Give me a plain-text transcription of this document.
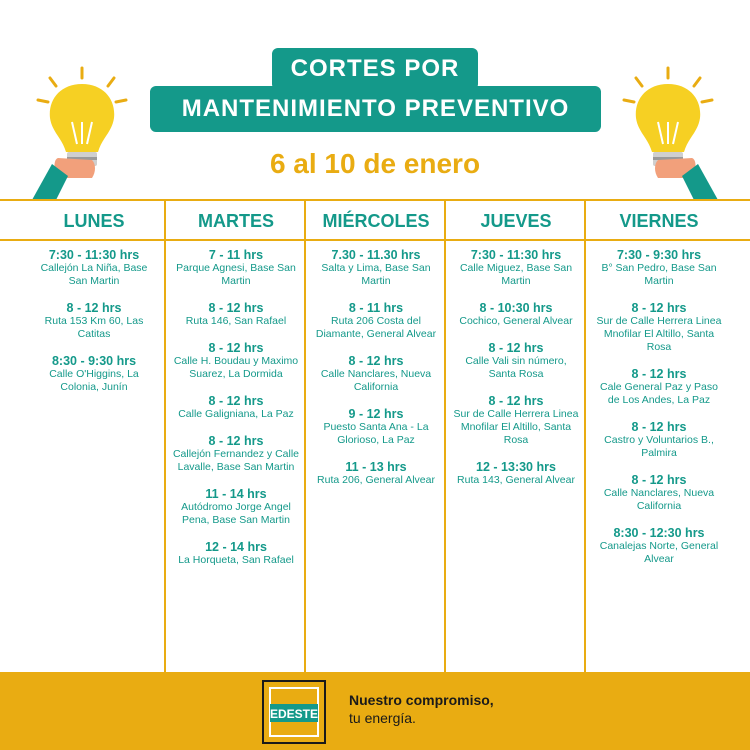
CORTES POR
MANTENIMIENTO PREVENTIVO
6 al 10 de enero
LUNES
7:30 - 11:30 hrs
Callejón La Niña, Base San Martin
8 - 12 hrs
Ruta 153 Km 60, Las Catitas
8:30 - 9:30 hrs
Calle O'Higgins, La Colonia, Junín
MARTES
7 - 11 hrs
Parque Agnesi, Base San Martin
8 - 12 hrs
Ruta 146, San Rafael
8 - 12 hrs
Calle H. Boudau y Maximo Suarez, La Dormida
8 - 12 hrs
Calle Galigniana, La Paz
8 - 12 hrs
Callejón Fernandez y Calle Lavalle, Base San Martin
11 - 14 hrs
Autódromo Jorge Angel Pena, Base San Martin
12 - 14 hrs
La Horqueta, San Rafael
MIÉRCOLES
7.30 - 11.30 hrs
Salta y Lima, Base San Martin
8 - 11 hrs
Ruta 206 Costa del Diamante, General Alvear
8 - 12 hrs
Calle Nanclares, Nueva California
9 - 12 hrs
Puesto Santa Ana - La Glorioso, La Paz
11 - 13 hrs
Ruta 206, General Alvear
JUEVES
7:30 - 11:30 hrs
Calle Miguez, Base San Martin
8 - 10:30 hrs
Cochico, General Alvear
8 - 12 hrs
Calle Vali sin número, Santa Rosa
8 - 12 hrs
Sur de Calle Herrera Linea Mnofilar El Altillo, Santa Rosa
12 - 13:30 hrs
Ruta 143, General Alvear
VIERNES
7:30 - 9:30 hrs
B° San Pedro, Base San Martin
8 - 12 hrs
Sur de Calle Herrera Linea Mnofilar El Altillo, Santa Rosa
8 - 12 hrs
Cale General Paz y Paso de Los Andes, La Paz
8 - 12 hrs
Castro y Voluntarios B., Palmira
8 - 12 hrs
Calle Nanclares, Nueva California
8:30 - 12:30 hrs
Canalejas Norte, General Alvear
EDESTE
Nuestro compromiso,
tu energía.
